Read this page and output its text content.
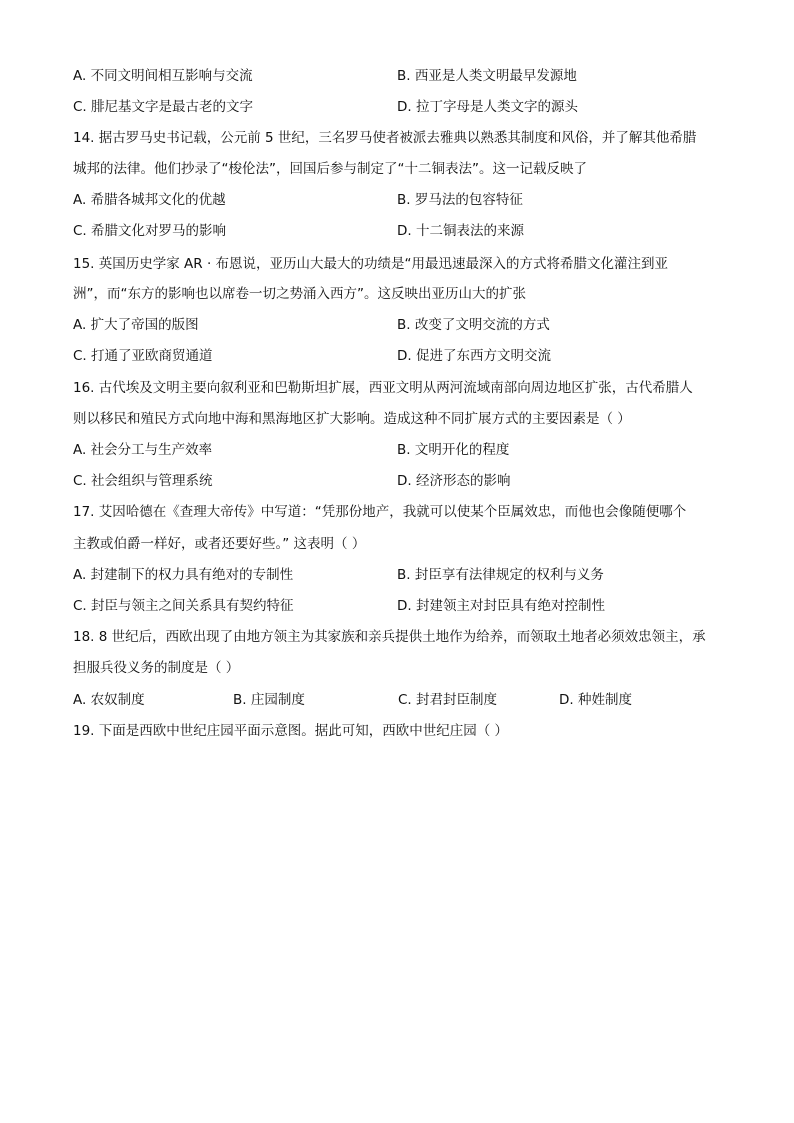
A. 不同文明间相互影响与交流	B. 西亚是人类文明最早发源地
C. 腓尼基文字是最古老的文字	D. 拉丁字母是人类文字的源头
14. 据古罗马史书记载，公元前 5 世纪，三名罗马使者被派去雅典以熟悉其制度和风俗，并了解其他希腊
城邦的法律。他们抄录了“梭伦法”，回国后参与制定了“十二铜表法”。这一记载反映了
A. 希腊各城邦文化的优越	B. 罗马法的包容特征
C. 希腊文化对罗马的影响	D. 十二铜表法的来源
15. 英国历史学家 AR · 布恩说，亚历山大最大的功绩是“用最迅速最深入的方式将希腊文化灌注到亚
洲”，而“东方的影响也以席卷一切之势涌入西方”。这反映出亚历山大的扩张
A. 扩大了帝国的版图	B. 改变了文明交流的方式
C. 打通了亚欧商贸通道	D. 促进了东西方文明交流
16. 古代埃及文明主要向叙利亚和巴勒斯坦扩展，西亚文明从两河流域南部向周边地区扩张，古代希腊人
则以移民和殖民方式向地中海和黑海地区扩大影响。造成这种不同扩展方式的主要因素是（ ）
A. 社会分工与生产效率	B. 文明开化的程度
C. 社会组织与管理系统	D. 经济形态的影响
17. 艾因哈德在《查理大帝传》中写道：“凭那份地产，我就可以使某个臣属效忠，而他也会像随便哪个
主教或伯爵一样好，或者还要好些。” 这表明（ ）
A. 封建制下的权力具有绝对的专制性	B. 封臣享有法律规定的权利与义务
C. 封臣与领主之间关系具有契约特征	D. 封建领主对封臣具有绝对控制性
18. 8 世纪后，西欧出现了由地方领主为其家族和亲兵提供土地作为给养，而领取土地者必须效忠领主，承
担服兵役义务的制度是（ ）
A. 农奴制度	B. 庄园制度	C. 封君封臣制度	D. 种姓制度
19. 下面是西欧中世纪庄园平面示意图。据此可知，西欧中世纪庄园（ ）
